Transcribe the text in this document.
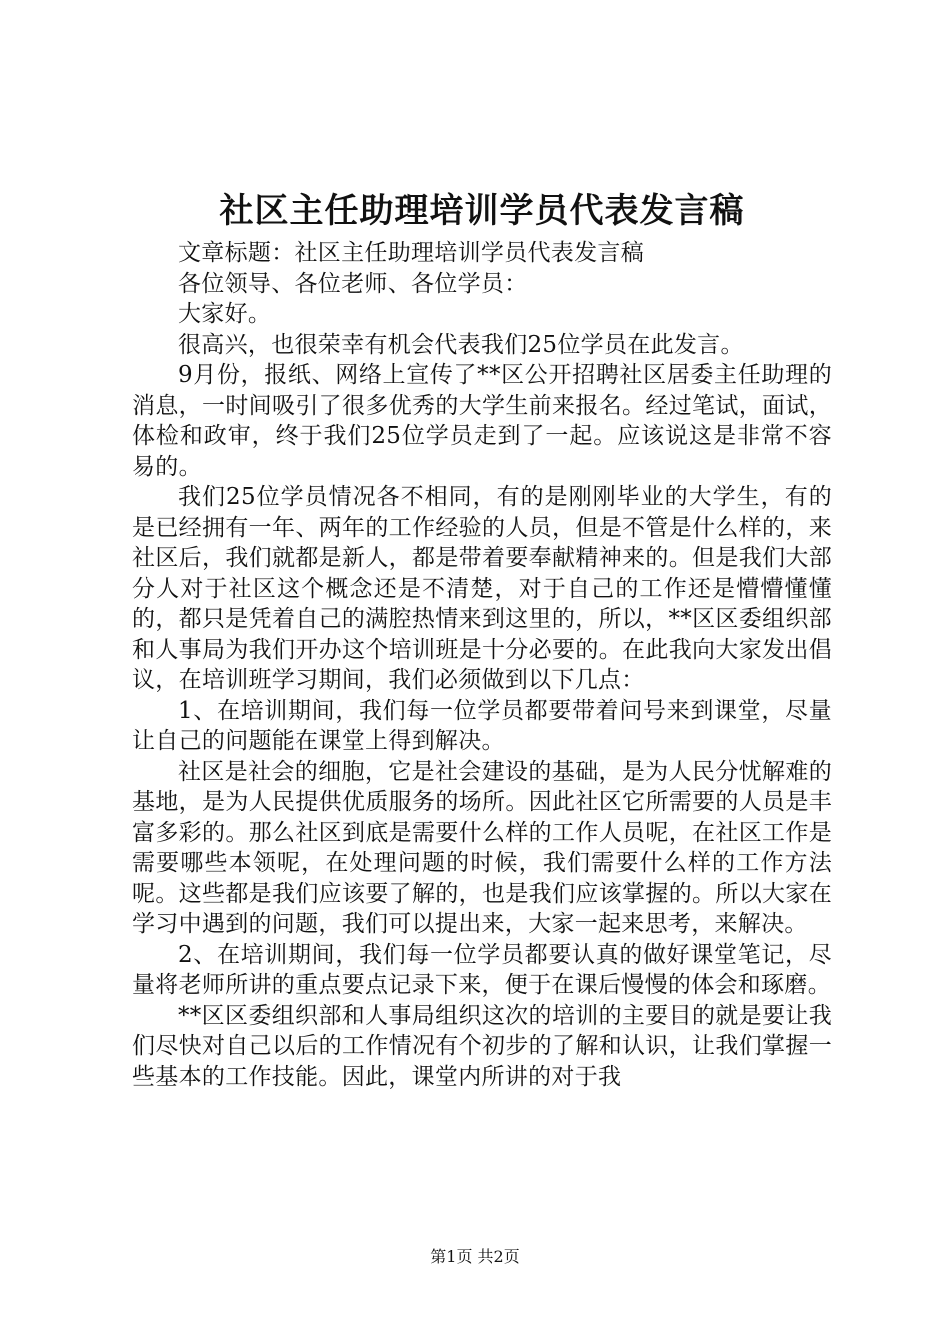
社区主任助理培训学员代表发言稿

文章标题：社区主任助理培训学员代表发言稿

各位领导、各位老师、各位学员：

大家好。

很高兴，也很荣幸有机会代表我们25位学员在此发言。

9月份，报纸、网络上宣传了**区公开招聘社区居委主任助理的消息，一时间吸引了很多优秀的大学生前来报名。经过笔试，面试，体检和政审，终于我们25位学员走到了一起。应该说这是非常不容易的。

我们25位学员情况各不相同，有的是刚刚毕业的大学生，有的是已经拥有一年、两年的工作经验的人员，但是不管是什么样的，来社区后，我们就都是新人，都是带着要奉献精神来的。但是我们大部分人对于社区这个概念还是不清楚，对于自己的工作还是懵懵懂懂的，都只是凭着自己的满腔热情来到这里的，所以，**区区委组织部和人事局为我们开办这个培训班是十分必要的。在此我向大家发出倡议，在培训班学习期间，我们必须做到以下几点：

1、在培训期间，我们每一位学员都要带着问号来到课堂，尽量让自己的问题能在课堂上得到解决。

社区是社会的细胞，它是社会建设的基础，是为人民分忧解难的基地，是为人民提供优质服务的场所。因此社区它所需要的人员是丰富多彩的。那么社区到底是需要什么样的工作人员呢，在社区工作是需要哪些本领呢，在处理问题的时候，我们需要什么样的工作方法呢。这些都是我们应该要了解的，也是我们应该掌握的。所以大家在学习中遇到的问题，我们可以提出来，大家一起来思考，来解决。

2、在培训期间，我们每一位学员都要认真的做好课堂笔记，尽量将老师所讲的重点要点记录下来，便于在课后慢慢的体会和琢磨。

**区区委组织部和人事局组织这次的培训的主要目的就是要让我们尽快对自己以后的工作情况有个初步的了解和认识，让我们掌握一些基本的工作技能。因此，课堂内所讲的对于我

第1页 共2页
